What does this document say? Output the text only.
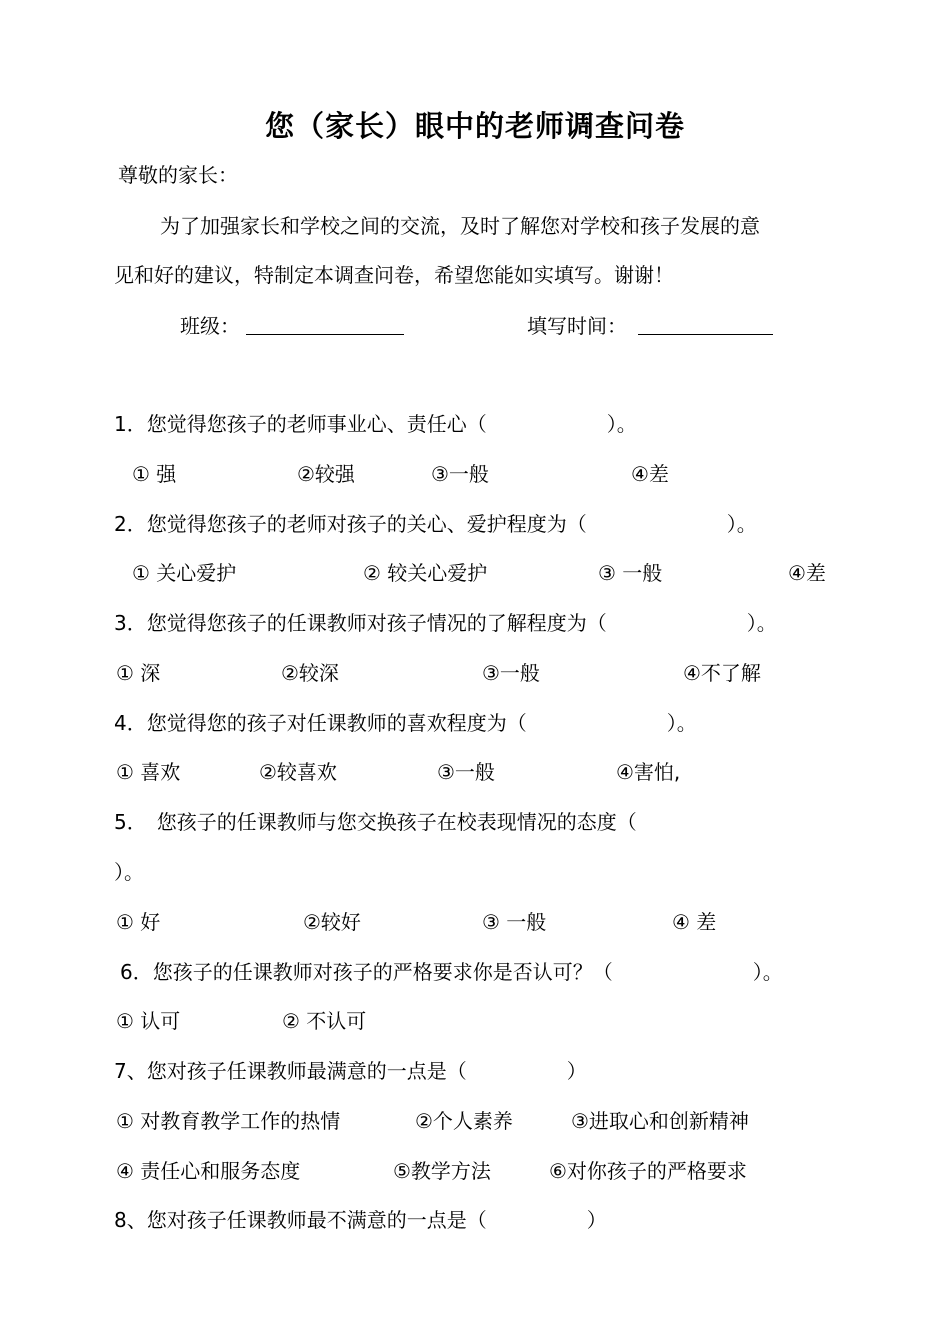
您（家长）眼中的老师调查问卷
尊敬的家长：
为了加强家长和学校之间的交流，及时了解您对学校和孩子发展的意
见和好的建议，特制定本调查问卷，希望您能如实填写。谢谢！
班级：	填写时间：
1．您觉得您孩子的老师事业心、责任心（　　　　　　）。
① 强	②较强	③一般	④差
2．您觉得您孩子的老师对孩子的关心、爱护程度为（　　　　　　　）。
① 关心爱护	② 较关心爱护	③ 一般	④差
3．您觉得您孩子的任课教师对孩子情况的了解程度为（　　　　　　　）。
① 深	②较深	③一般	④不了解
4．您觉得您的孩子对任课教师的喜欢程度为（　　　　　　　）。
① 喜欢	②较喜欢	③一般	④害怕,
5．　您孩子的任课教师与您交换孩子在校表现情况的态度（
）。
① 好	②较好	③ 一般	④ 差
6．您孩子的任课教师对孩子的严格要求你是否认可？（　　　　　　　）。
① 认可	② 不认可
7、您对孩子任课教师最满意的一点是（　　　　　）
① 对教育教学工作的热情	②个人素养	③进取心和创新精神
④ 责任心和服务态度	⑤教学方法	⑥对你孩子的严格要求
8、您对孩子任课教师最不满意的一点是（　　　　　）
